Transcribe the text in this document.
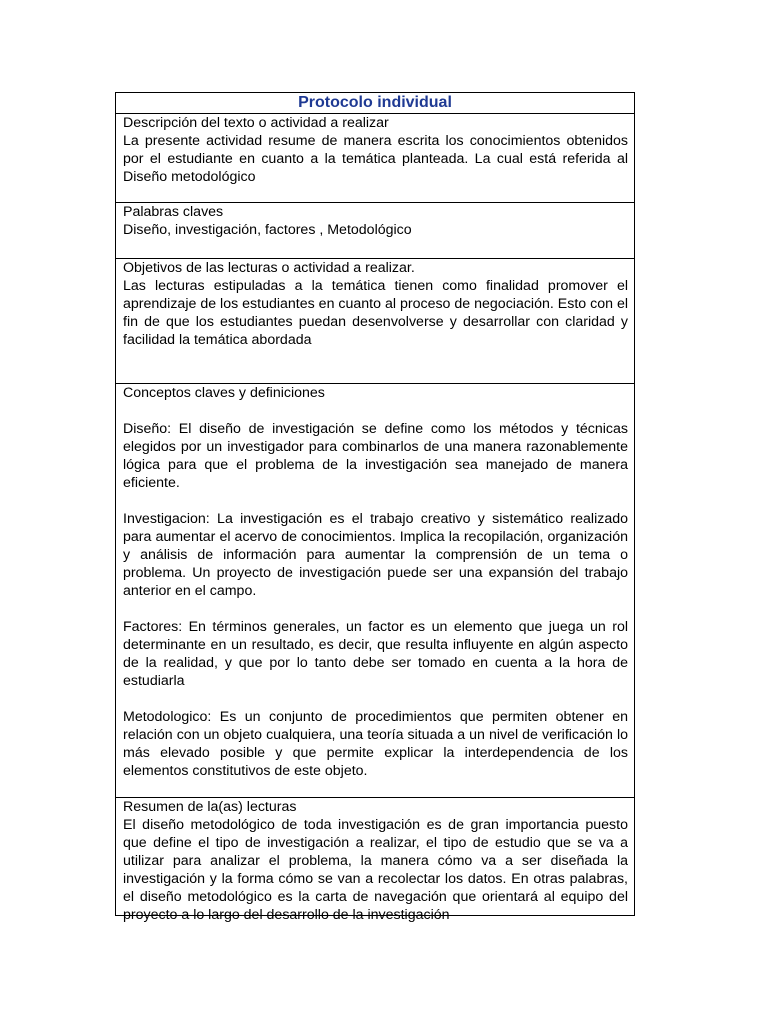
Protocolo individual
Descripción del texto o actividad a realizar
La presente actividad resume de manera escrita los conocimientos obtenidos por el estudiante en cuanto a la temática planteada. La cual está referida al Diseño metodológico
Palabras claves
Diseño, investigación, factores , Metodológico
Objetivos de las lecturas o actividad a realizar.
Las lecturas estipuladas a la temática tienen como finalidad promover el aprendizaje de los estudiantes en cuanto al proceso de negociación. Esto con el fin de que los estudiantes puedan desenvolverse y desarrollar con claridad y facilidad la temática abordada
Conceptos claves y definiciones
Diseño: El diseño de investigación se define como los métodos y técnicas elegidos por un investigador para combinarlos de una manera razonablemente lógica para que el problema de la investigación sea manejado de manera eficiente.
Investigacion: La investigación es el trabajo creativo y sistemático realizado para aumentar el acervo de conocimientos. Implica la recopilación, organización y análisis de información para aumentar la comprensión de un tema o problema. Un proyecto de investigación puede ser una expansión del trabajo anterior en el campo.
Factores: En términos generales, un factor es un elemento que juega un rol determinante en un resultado, es decir, que resulta influyente en algún aspecto de la realidad, y que por lo tanto debe ser tomado en cuenta a la hora de estudiarla
Metodologico: Es un conjunto de procedimientos que permiten obtener en relación con un objeto cualquiera, una teoría situada a un nivel de verificación lo más elevado posible y que permite explicar la interdependencia de los elementos constitutivos de este objeto.
Resumen de la(as) lecturas
El diseño metodológico de toda investigación es de gran importancia puesto que define el tipo de investigación a realizar, el tipo de estudio que se va a utilizar para analizar el problema, la manera cómo va a ser diseñada la investigación y la forma cómo se van a recolectar los datos. En otras palabras, el diseño metodológico es la carta de navegación que orientará al equipo del proyecto a lo largo del desarrollo de la investigación
